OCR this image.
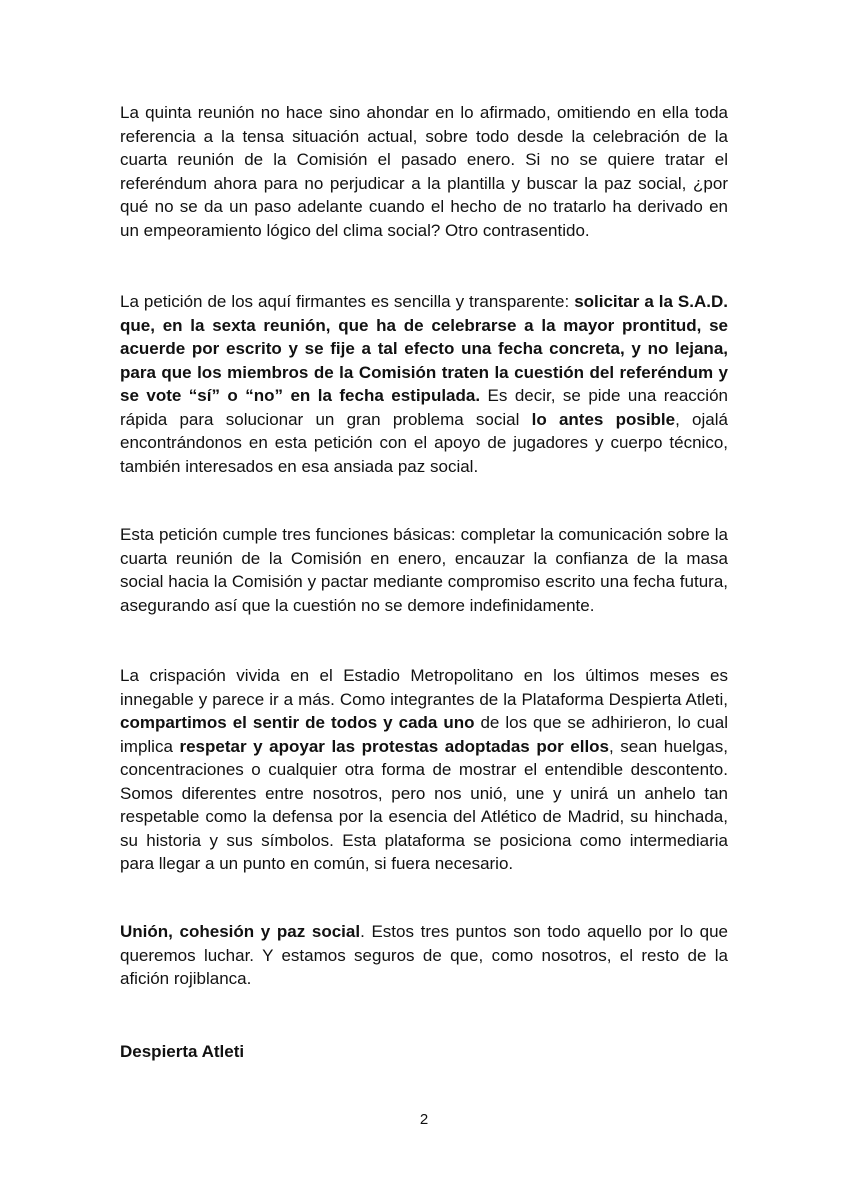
La quinta reunión no hace sino ahondar en lo afirmado, omitiendo en ella toda referencia a la tensa situación actual, sobre todo desde la celebración de la cuarta reunión de la Comisión el pasado enero. Si no se quiere tratar el referéndum ahora para no perjudicar a la plantilla y buscar la paz social, ¿por qué no se da un paso adelante cuando el hecho de no tratarlo ha derivado en un empeoramiento lógico del clima social? Otro contrasentido.

La petición de los aquí firmantes es sencilla y transparente: solicitar a la S.A.D. que, en la sexta reunión, que ha de celebrarse a la mayor prontitud, se acuerde por escrito y se fije a tal efecto una fecha concreta, y no lejana, para que los miembros de la Comisión traten la cuestión del referéndum y se vote “sí” o “no” en la fecha estipulada. Es decir, se pide una reacción rápida para solucionar un gran problema social lo antes posible, ojalá encontrándonos en esta petición con el apoyo de jugadores y cuerpo técnico, también interesados en esa ansiada paz social.

Esta petición cumple tres funciones básicas: completar la comunicación sobre la cuarta reunión de la Comisión en enero, encauzar la confianza de la masa social hacia la Comisión y pactar mediante compromiso escrito una fecha futura, asegurando así que la cuestión no se demore indefinidamente.

La crispación vivida en el Estadio Metropolitano en los últimos meses es innegable y parece ir a más. Como integrantes de la Plataforma Despierta Atleti, compartimos el sentir de todos y cada uno de los que se adhirieron, lo cual implica respetar y apoyar las protestas adoptadas por ellos, sean huelgas, concentraciones o cualquier otra forma de mostrar el entendible descontento. Somos diferentes entre nosotros, pero nos unió, une y unirá un anhelo tan respetable como la defensa por la esencia del Atlético de Madrid, su hinchada, su historia y sus símbolos. Esta plataforma se posiciona como intermediaria para llegar a un punto en común, si fuera necesario.

Unión, cohesión y paz social. Estos tres puntos son todo aquello por lo que queremos luchar. Y estamos seguros de que, como nosotros, el resto de la afición rojiblanca.

Despierta Atleti

2
